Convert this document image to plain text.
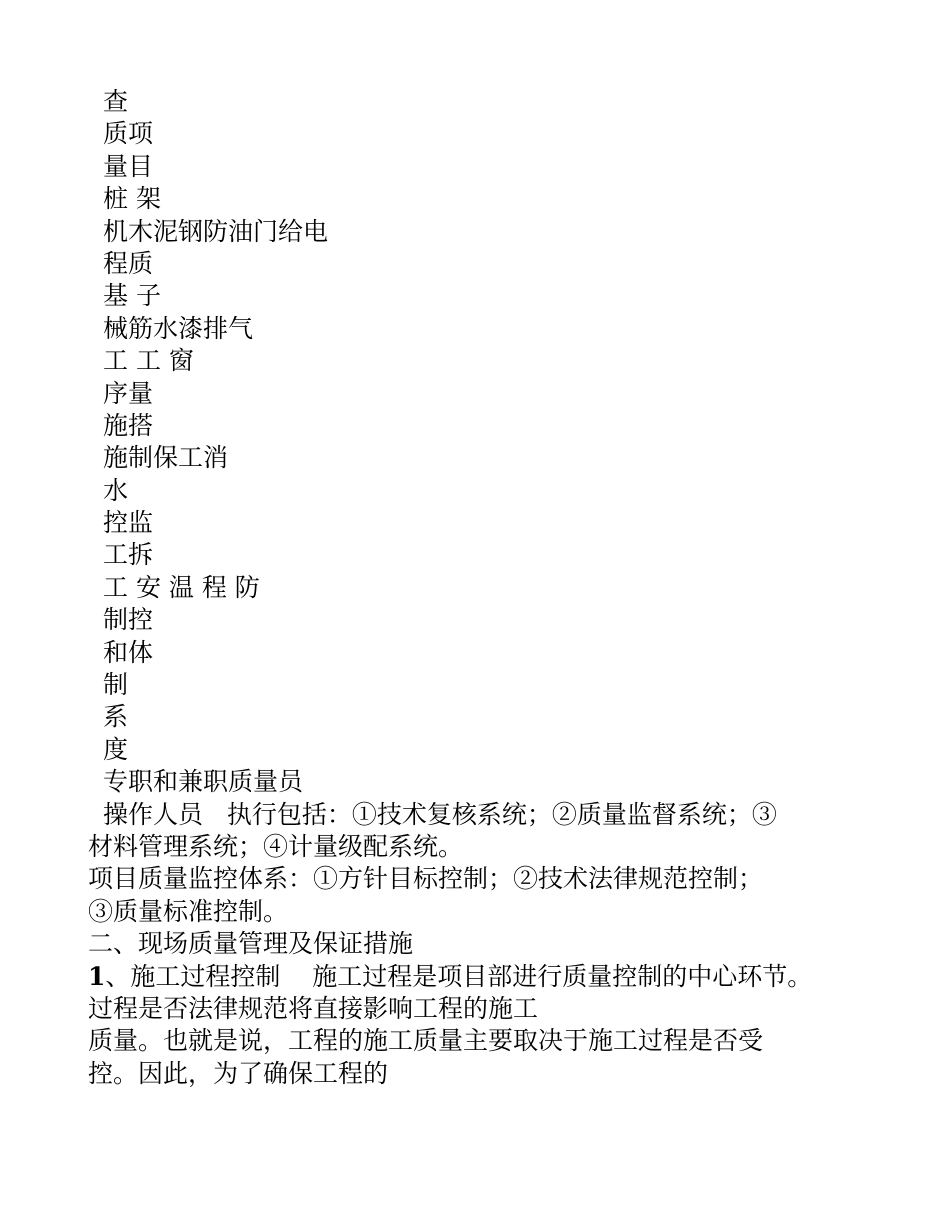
查
质项
量目
桩 架
机木泥钢防油门给电
程质
基 子
械筋水漆排气
工 工 窗
序量
施搭
施制保工消
水
控监
工拆
工 安 温 程 防
制控
和体
制
系
度
专职和兼职质量员
操作人员   执行包括：①技术复核系统；②质量监督系统；③
材料管理系统；④计量级配系统。
项目质量监控体系：①方针目标控制；②技术法律规范控制；
③质量标准控制。
二、现场质量管理及保证措施
1、施工过程控制    施工过程是项目部进行质量控制的中心环节。
过程是否法律规范将直接影响工程的施工
质量。也就是说，工程的施工质量主要取决于施工过程是否受
控。因此，为了确保工程的
